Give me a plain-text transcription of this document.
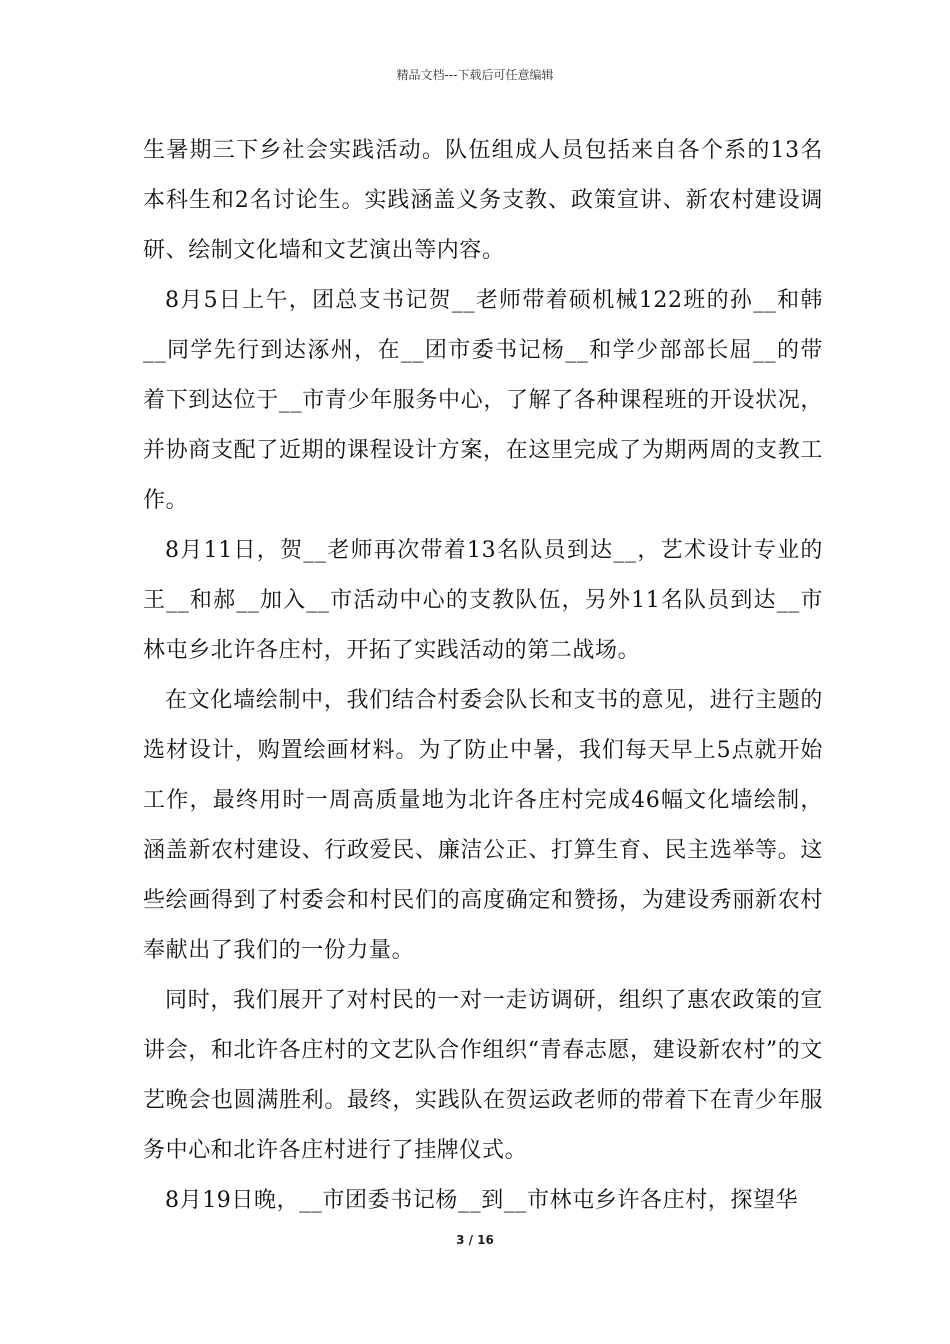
精品文档---下载后可任意编辑

生暑期三下乡社会实践活动。队伍组成人员包括来自各个系的13名本科生和2名讨论生。实践涵盖义务支教、政策宣讲、新农村建设调研、绘制文化墙和文艺演出等内容。

8月5日上午，团总支书记贺__老师带着硕机械122班的孙__和韩__同学先行到达涿州，在__团市委书记杨__和学少部部长屈__的带着下到达位于__市青少年服务中心，了解了各种课程班的开设状况，并协商支配了近期的课程设计方案，在这里完成了为期两周的支教工作。

8月11日，贺__老师再次带着13名队员到达__，艺术设计专业的王__和郝__加入__市活动中心的支教队伍，另外11名队员到达__市林屯乡北许各庄村，开拓了实践活动的第二战场。

在文化墙绘制中，我们结合村委会队长和支书的意见，进行主题的选材设计，购置绘画材料。为了防止中暑，我们每天早上5点就开始工作，最终用时一周高质量地为北许各庄村完成46幅文化墙绘制，涵盖新农村建设、行政爱民、廉洁公正、打算生育、民主选举等。这些绘画得到了村委会和村民们的高度确定和赞扬，为建设秀丽新农村奉献出了我们的一份力量。

同时，我们展开了对村民的一对一走访调研，组织了惠农政策的宣讲会，和北许各庄村的文艺队合作组织“青春志愿，建设新农村”的文艺晚会也圆满胜利。最终，实践队在贺运政老师的带着下在青少年服务中心和北许各庄村进行了挂牌仪式。

8月19日晚，__市团委书记杨__到__市林屯乡许各庄村，探望华

3 / 16
